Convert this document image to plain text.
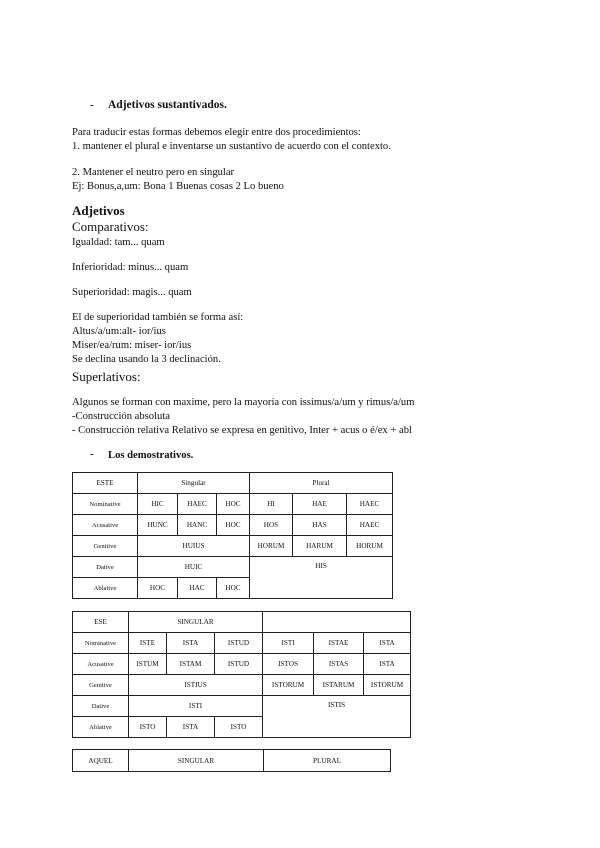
- Adjetivos sustantivados.
Para traducir estas formas debemos elegir entre dos procedimientos:
1. mantener el plural e inventarse un sustantivo de acuerdo con el contexto.
2. Mantener el neutro pero en singular
Ej: Bonus,a,um: Bona 1 Buenas cosas 2 Lo bueno
Adjetivos
Comparativos:
Igualdad: tam... quam
Inferioridad: minus... quam
Superioridad: magis... quam
El de superioridad también se forma así:
Altus/a/um:alt- ior/ius
Miser/ea/rum: miser- ior/ius
Se declina usando la 3 declinación.
Superlativos:
Algunos se forman con maxime, pero la mayoría con issimus/a/um y rimus/a/um
-Construcción absoluta
- Construcción relativa Relativo se expresa en genitivo, Inter + acus o é/ex + abl
- Los demostrativos.
ESTE	Singular			Plural		
Nominative	HIC	HAEC	HOC	HI	HAE	HAEC
Acusative	HUNC	HANC	HOC	HOS	HAS	HAEC
Genitive	HUIUS			HORUM	HARUM	HORUM
Dative	HUIC			HIS		
Ablative	HOC	HAC	HOC			
ESE	SINGULAR					
Nominative	ISTE	ISTA	ISTUD	ISTI	ISTAE	ISTA
Acusative	ISTUM	ISTAM	ISTUD	ISTOS	ISTAS	ISTA
Genitive	ISTIUS			ISTORUM	ISTARUM	ISTORUM
Dative	ISTI			ISTIS		
Ablative	ISTO	ISTA	ISTO			
AQUEL	SINGULAR	PLURAL
